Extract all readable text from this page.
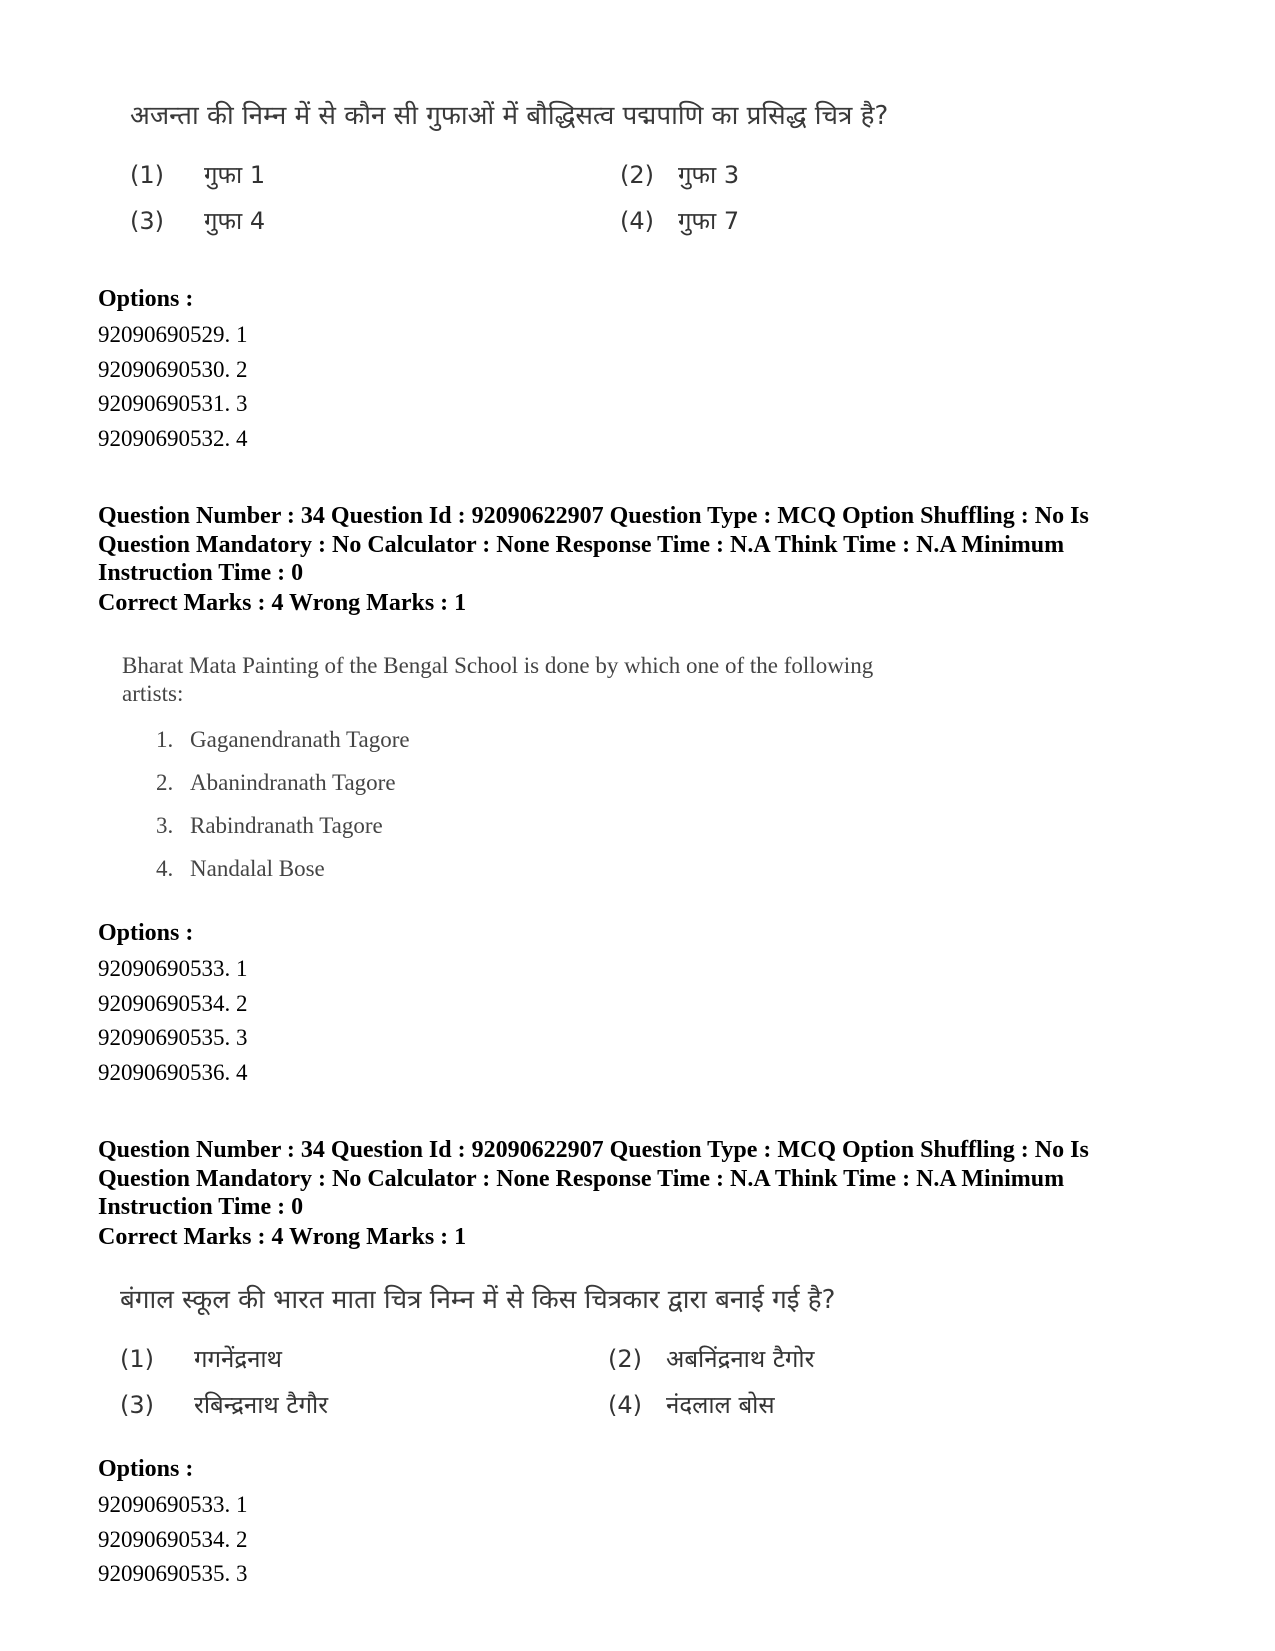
अजन्ता की निम्न में से कौन सी गुफाओं में बौद्धिसत्व पद्मपाणि का प्रसिद्ध चित्र है?
(1) गुफा 1	(2) गुफा 3
(3) गुफा 4	(4) गुफा 7
Options :
92090690529. 1
92090690530. 2
92090690531. 3
92090690532. 4
Question Number : 34 Question Id : 92090622907 Question Type : MCQ Option Shuffling : No Is Question Mandatory : No Calculator : None Response Time : N.A Think Time : N.A Minimum Instruction Time : 0
Correct Marks : 4 Wrong Marks : 1
Bharat Mata Painting of the Bengal School is done by which one of the following artists:
1. Gaganendranath Tagore
2. Abanindranath Tagore
3. Rabindranath Tagore
4. Nandalal Bose
Options :
92090690533. 1
92090690534. 2
92090690535. 3
92090690536. 4
Question Number : 34 Question Id : 92090622907 Question Type : MCQ Option Shuffling : No Is Question Mandatory : No Calculator : None Response Time : N.A Think Time : N.A Minimum Instruction Time : 0
Correct Marks : 4 Wrong Marks : 1
बंगाल स्कूल की भारत माता चित्र निम्न में से किस चित्रकार द्वारा बनाई गई है?
(1) गगनेंद्रनाथ	(2) अबनिंद्रनाथ टैगोर
(3) रबिन्द्रनाथ टैगौर	(4) नंदलाल बोस
Options :
92090690533. 1
92090690534. 2
92090690535. 3
